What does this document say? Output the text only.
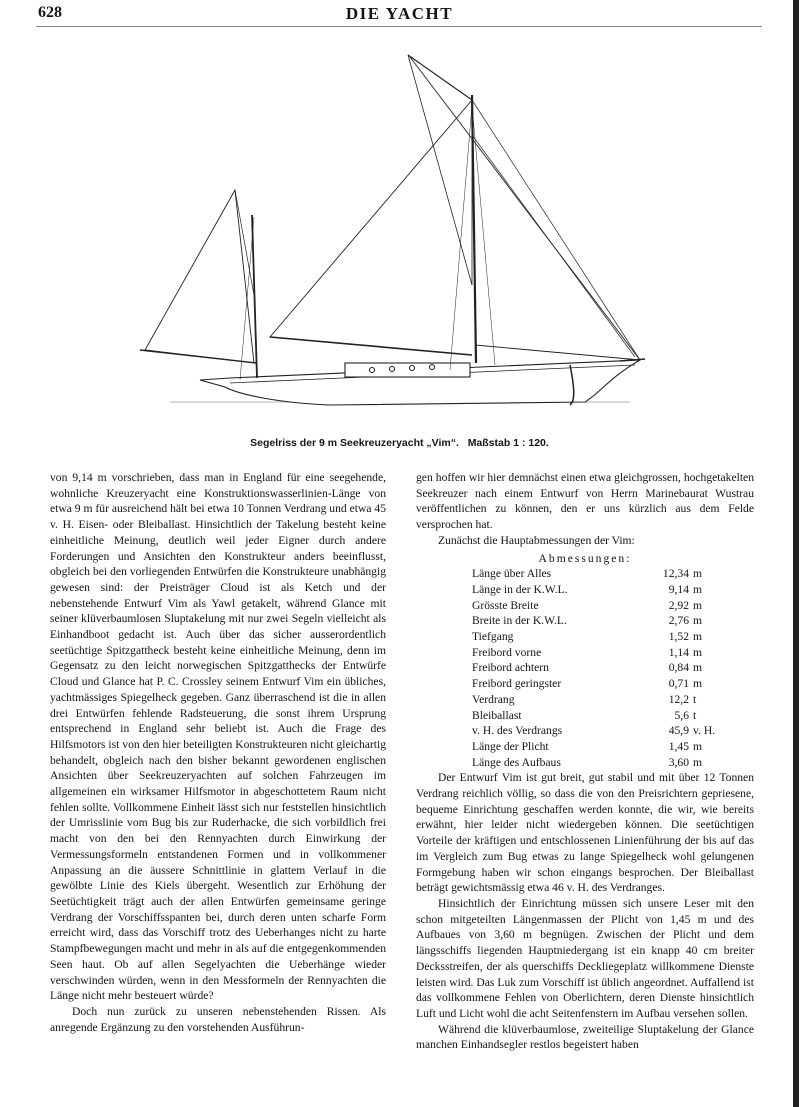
628	DIE YACHT
Segelriss der 9 m Seekreuzeryacht „Vim“. Maßstab 1 : 120.

von 9,14 m vorschrieben, dass man in England für eine seegehende, wohnliche Kreuzeryacht eine Konstruktionswasserlinien-Länge von etwa 9 m für ausreichend hält bei etwa 10 Tonnen Verdrang und etwa 45 v. H. Eisen- oder Bleiballast. Hinsichtlich der Takelung besteht keine einheitliche Meinung, deutlich weil jeder Eigner durch andere Forderungen und Ansichten den Konstrukteur anders beeinflusst, obgleich bei den vorliegenden Entwürfen die Konstrukteure unabhängig gewesen sind: der Preisträger Cloud ist als Ketch und der nebenstehende Entwurf Vim als Yawl getakelt, während Glance mit seiner klüverbaumlosen Sluptakelung mit nur zwei Segeln vielleicht als Einhandboot gedacht ist. Auch über das sicher ausserordentlich seetüchtige Spitzgattheck besteht keine einheitliche Meinung, denn im Gegensatz zu den leicht norwegischen Spitzgatthecks der Entwürfe Cloud und Glance hat P. C. Crossley seinem Entwurf Vim ein übliches, yachtmässiges Spiegelheck gegeben. Ganz überraschend ist die in allen drei Entwürfen fehlende Radsteuerung, die sonst ihrem Ursprung entsprechend in England sehr beliebt ist. Auch die Frage des Hilfsmotors ist von den hier beteiligten Konstrukteuren nicht gleichartig behandelt, obgleich nach den bisher bekannt gewordenen englischen Ansichten über Seekreuzeryachten auf solchen Fahrzeugen im allgemeinen ein wirksamer Hilfsmotor in abgeschottetem Raum nicht fehlen sollte. Vollkommene Einheit lässt sich nur feststellen hinsichtlich der Umrisslinie vom Bug bis zur Ruderhacke, die sich vorbildlich frei macht von den bei den Rennyachten durch Einwirkung der Vermessungsformeln entstandenen Formen und in vollkommener Anpassung an die äussere Schnittlinie in glattem Verlauf in die gewölbte Linie des Kiels übergeht. Wesentlich zur Erhöhung der Seetüchtigkeit trägt auch der allen Entwürfen gemeinsame geringe Verdrang der Vorschiffsspanten bei, durch deren unten scharfe Form erreicht wird, dass das Vorschiff trotz des Ueberhanges nicht zu harte Stampfbewegungen macht und mehr in als auf die entgegenkommenden Seen haut. Ob auf allen Segelyachten die Ueberhänge wieder verschwinden würden, wenn in den Messformeln der Rennyachten die Länge nicht mehr besteuert würde?

Doch nun zurück zu unseren nebenstehenden Rissen. Als anregende Ergänzung zu den vorstehenden Ausführun-

gen hoffen wir hier demnächst einen etwa gleichgrossen, hochgetakelten Seekreuzer nach einem Entwurf von Herrn Marinebaurat Wustrau veröffentlichen zu können, den er uns kürzlich aus dem Felde versprochen hat.

Zunächst die Hauptabmessungen der Vim:

Abmessungen:
Länge über Alles	12,34	m
Länge in der K.W.L.	9,14	m
Grösste Breite	2,92	m
Breite in der K.W.L.	2,76	m
Tiefgang	1,52	m
Freibord vorne	1,14	m
Freibord achtern	0,84	m
Freibord geringster	0,71	m
Verdrang	12,2	t
Bleiballast	5,6	t
v. H. des Verdrangs	45,9	v. H.
Länge der Plicht	1,45	m
Länge des Aufbaus	3,60	m

Der Entwurf Vim ist gut breit, gut stabil und mit über 12 Tonnen Verdrang reichlich völlig, so dass die von den Preisrichtern gepriesene, bequeme Einrichtung geschaffen werden konnte, die wir, wie bereits erwähnt, hier leider nicht wiedergeben können. Die seetüchtigen Vorteile der kräftigen und entschlossenen Linienführung der bis auf das im Vergleich zum Bug etwas zu lange Spiegelheck wohl gelungenen Formgebung haben wir schon eingangs besprochen. Der Bleiballast beträgt gewichtsmässig etwa 46 v. H. des Verdranges.

Hinsichtlich der Einrichtung müssen sich unsere Leser mit den schon mitgeteilten Längenmassen der Plicht von 1,45 m und des Aufbaues von 3,60 m begnügen. Zwischen der Plicht und dem längsschiffs liegenden Hauptniedergang ist ein knapp 40 cm breiter Decksstreifen, der als querschiffs Deckliegeplatz willkommene Dienste leisten wird. Das Luk zum Vorschiff ist üblich angeordnet. Auffallend ist das vollkommene Fehlen von Oberlichtern, deren Dienste hinsichtlich Luft und Licht wohl die acht Seitenfenstern im Aufbau versehen sollen.

Während die klüverbaumlose, zweiteilige Sluptakelung der Glance manchen Einhandsegler restlos begeistert haben
